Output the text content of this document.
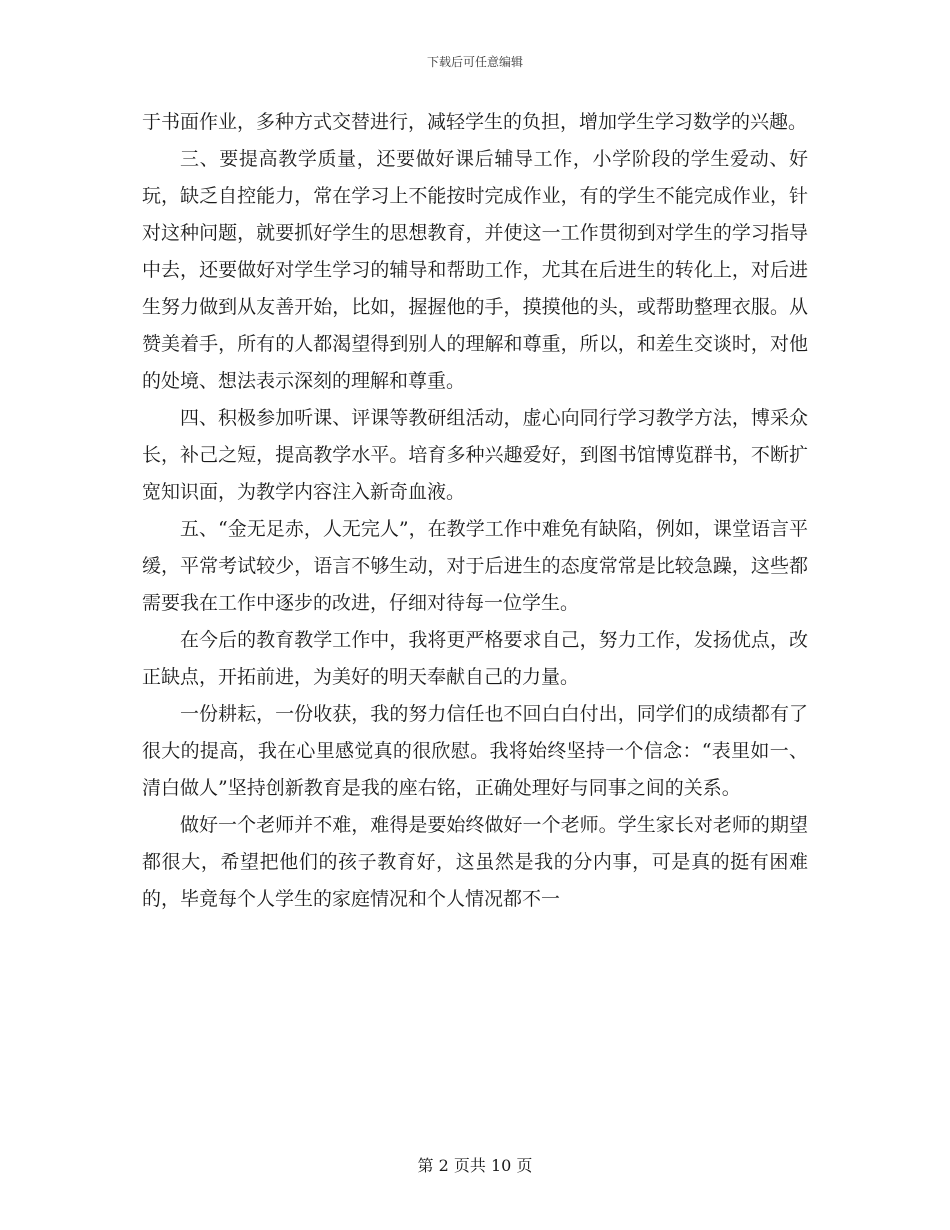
下载后可任意编辑

于书面作业，多种方式交替进行，减轻学生的负担，增加学生学习数学的兴趣。

三、要提高教学质量，还要做好课后辅导工作，小学阶段的学生爱动、好玩，缺乏自控能力，常在学习上不能按时完成作业，有的学生不能完成作业，针对这种问题，就要抓好学生的思想教育，并使这一工作贯彻到对学生的学习指导中去，还要做好对学生学习的辅导和帮助工作，尤其在后进生的转化上，对后进生努力做到从友善开始，比如，握握他的手，摸摸他的头，或帮助整理衣服。从赞美着手，所有的人都渴望得到别人的理解和尊重，所以，和差生交谈时，对他的处境、想法表示深刻的理解和尊重。

四、积极参加听课、评课等教研组活动，虚心向同行学习教学方法，博采众长，补己之短，提高教学水平。培育多种兴趣爱好，到图书馆博览群书，不断扩宽知识面，为教学内容注入新奇血液。

五、“金无足赤，人无完人”，在教学工作中难免有缺陷，例如，课堂语言平缓，平常考试较少，语言不够生动，对于后进生的态度常常是比较急躁，这些都需要我在工作中逐步的改进，仔细对待每一位学生。

在今后的教育教学工作中，我将更严格要求自己，努力工作，发扬优点，改正缺点，开拓前进，为美好的明天奉献自己的力量。

一份耕耘，一份收获，我的努力信任也不回白白付出，同学们的成绩都有了很大的提高，我在心里感觉真的很欣慰。我将始终坚持一个信念：“表里如一、清白做人”坚持创新教育是我的座右铭，正确处理好与同事之间的关系。

做好一个老师并不难，难得是要始终做好一个老师。学生家长对老师的期望都很大，希望把他们的孩子教育好，这虽然是我的分内事，可是真的挺有困难的，毕竟每个人学生的家庭情况和个人情况都不一

第 2 页共 10 页
